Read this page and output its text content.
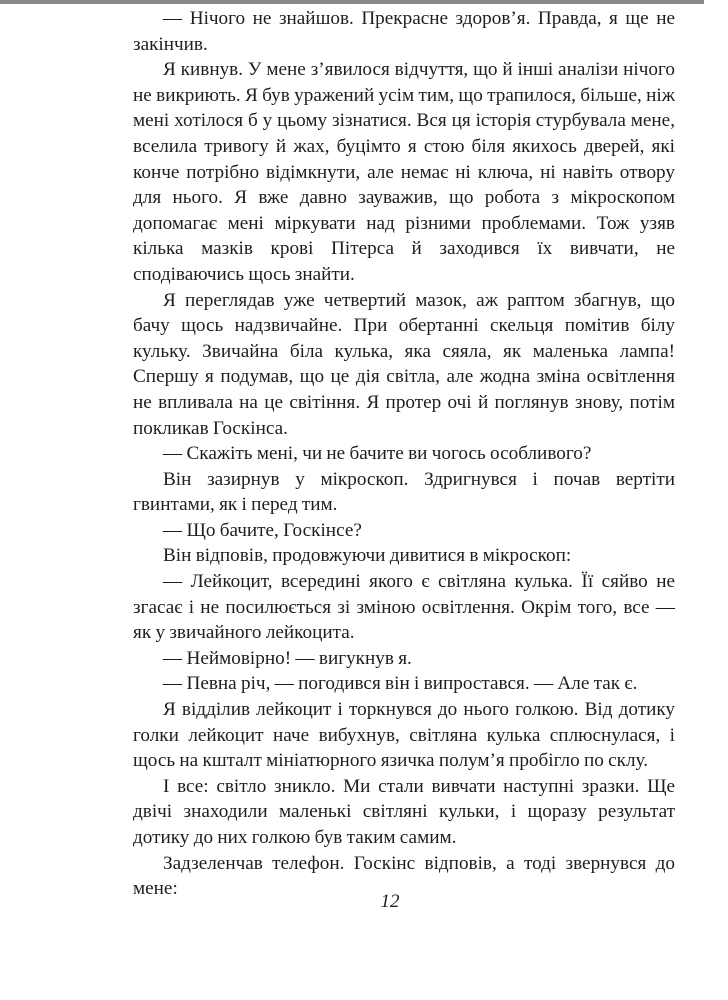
— Нічого не знайшов. Прекрасне здоров’я. Правда, я ще не закінчив.

Я кивнув. У мене з’явилося відчуття, що й інші аналізи нічого не викриють. Я був уражений усім тим, що трапилося, більше, ніж мені хотілося б у цьому зізнатися. Вся ця історія стурбувала мене, вселила тривогу й жах, буцімто я стою біля якихось дверей, які конче потрібно відімкнути, але немає ні ключа, ні навіть отвору для нього. Я вже давно зауважив, що робота з мікроскопом допомагає мені міркувати над різними проблемами. Тож узяв кілька мазків крові Пітерса й заходився їх вивчати, не сподіваючись щось знайти.

Я переглядав уже четвертий мазок, аж раптом збагнув, що бачу щось надзвичайне. При обертанні скельця помітив білу кульку. Звичайна біла кулька, яка сяяла, як маленька лампа! Спершу я подумав, що це дія світла, але жодна зміна освітлення не впливала на це світіння. Я протер очі й поглянув знову, потім покликав Госкінса.

— Скажіть мені, чи не бачите ви чогось особливого?

Він зазирнув у мікроскоп. Здригнувся і почав вертіти гвинтами, як і перед тим.

— Що бачите, Госкінсе?

Він відповів, продовжуючи дивитися в мікроскоп:

— Лейкоцит, всередині якого є світляна кулька. Її сяйво не згасає і не посилюється зі зміною освітлення. Окрім того, все — як у звичайного лейкоцита.

— Неймовірно! — вигукнув я.

— Певна річ, — погодився він і випростався. — Але так є.

Я відділив лейкоцит і торкнувся до нього голкою. Від дотику голки лейкоцит наче вибухнув, світляна кулька сплюснулася, і щось на кшталт мініатюрного язичка полум’я пробігло по склу.

І все: світло зникло. Ми стали вивчати наступні зразки. Ще двічі знаходили маленькі світляні кульки, і щоразу результат дотику до них голкою був таким самим.

Задзеленчав телефон. Госкінс відповів, а тоді звернувся до мене:

12
